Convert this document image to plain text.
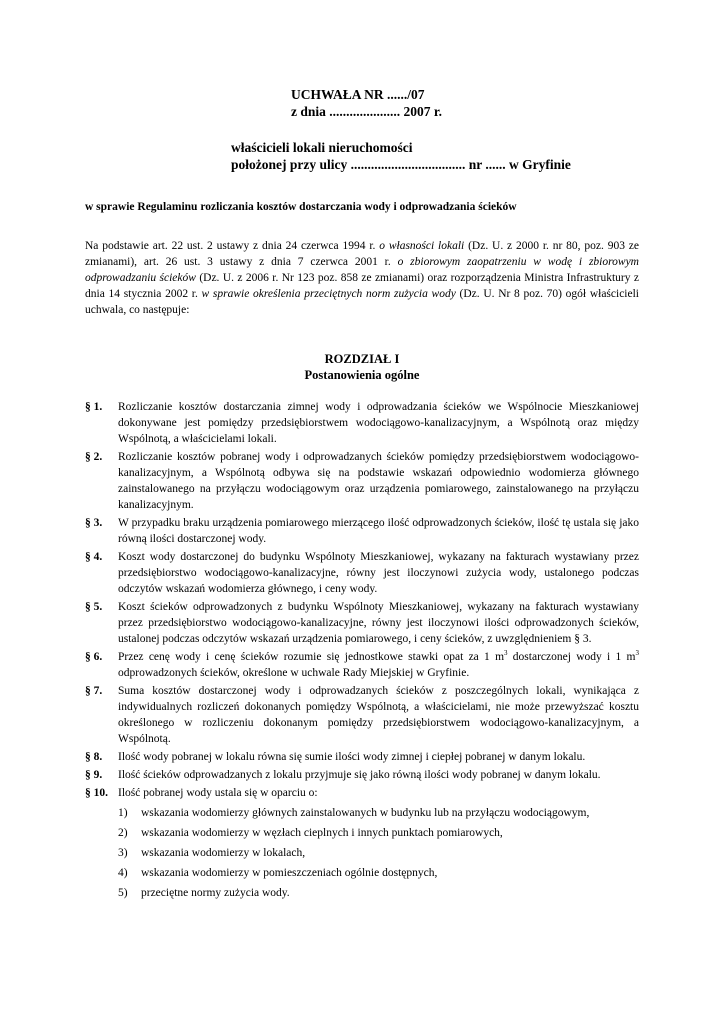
UCHWAŁA NR ....../07
z dnia ..................... 2007 r.
właścicieli lokali nieruchomości
położonej przy ulicy .................................. nr ...... w Gryfinie
w sprawie Regulaminu rozliczania kosztów dostarczania wody i odprowadzania ścieków
Na podstawie art. 22 ust. 2 ustawy z dnia 24 czerwca 1994 r. o własności lokali (Dz. U. z 2000 r. nr 80, poz. 903 ze zmianami), art. 26 ust. 3 ustawy z dnia 7 czerwca 2001 r. o zbiorowym zaopatrzeniu w wodę i zbiorowym odprowadzaniu ścieków (Dz. U. z 2006 r. Nr 123 poz. 858 ze zmianami) oraz rozporządzenia Ministra Infrastruktury z dnia 14 stycznia 2002 r. w sprawie określenia przeciętnych norm zużycia wody (Dz. U. Nr 8 poz. 70) ogół właścicieli uchwala, co następuje:
ROZDZIAŁ I
Postanowienia ogólne
§ 1.	Rozliczanie kosztów dostarczania zimnej wody i odprowadzania ścieków we Wspólnocie Mieszkaniowej dokonywane jest pomiędzy przedsiębiorstwem wodociągowo-kanalizacyjnym, a Wspólnotą oraz między Wspólnotą, a właścicielami lokali.
§ 2.	Rozliczanie kosztów pobranej wody i odprowadzanych ścieków pomiędzy przedsiębiorstwem wodociągowo-kanalizacyjnym, a Wspólnotą odbywa się na podstawie wskazań odpowiednio wodomierza głównego zainstalowanego na przyłączu wodociągowym oraz urządzenia pomiarowego, zainstalowanego na przyłączu kanalizacyjnym.
§ 3.	W przypadku braku urządzenia pomiarowego mierzącego ilość odprowadzonych ścieków, ilość tę ustala się jako równą ilości dostarczonej wody.
§ 4.	Koszt wody dostarczonej do budynku Wspólnoty Mieszkaniowej, wykazany na fakturach wystawiany przez przedsiębiorstwo wodociągowo-kanalizacyjne, równy jest iloczynowi zużycia wody, ustalonego podczas odczytów wskazań wodomierza głównego, i ceny wody.
§ 5.	Koszt ścieków odprowadzonych z budynku Wspólnoty Mieszkaniowej, wykazany na fakturach wystawiany przez przedsiębiorstwo wodociągowo-kanalizacyjne, równy jest iloczynowi ilości odprowadzonych ścieków, ustalonej podczas odczytów wskazań urządzenia pomiarowego, i ceny ścieków, z uwzględnieniem § 3.
§ 6.	Przez cenę wody i cenę ścieków rozumie się jednostkowe stawki opat za 1 $m^3$ dostarczonej wody i 1 $m^3$ odprowadzonych ścieków, określone w uchwale Rady Miejskiej w Gryfinie.
§ 7.	Suma kosztów dostarczonej wody i odprowadzanych ścieków z poszczególnych lokali, wynikająca z indywidualnych rozliczeń dokonanych pomiędzy Wspólnotą, a właścicielami, nie może przewyższać kosztu określonego w rozliczeniu dokonanym pomiędzy przedsiębiorstwem wodociągowo-kanalizacyjnym, a Wspólnotą.
§ 8.	Ilość wody pobranej w lokalu równa się sumie ilości wody zimnej i ciepłej pobranej w danym lokalu.
§ 9.	Ilość ścieków odprowadzanych z lokalu przyjmuje się jako równą ilości wody pobranej w danym lokalu.
§ 10. Ilość pobranej wody ustala się w oparciu o:
1)	wskazania wodomierzy głównych zainstalowanych w budynku lub na przyłączu wodociągowym,
2)	wskazania wodomierzy w węzłach cieplnych i innych punktach pomiarowych,
3)	wskazania wodomierzy w lokalach,
4)	wskazania wodomierzy w pomieszczeniach ogólnie dostępnych,
5)	przeciętne normy zużycia wody.
